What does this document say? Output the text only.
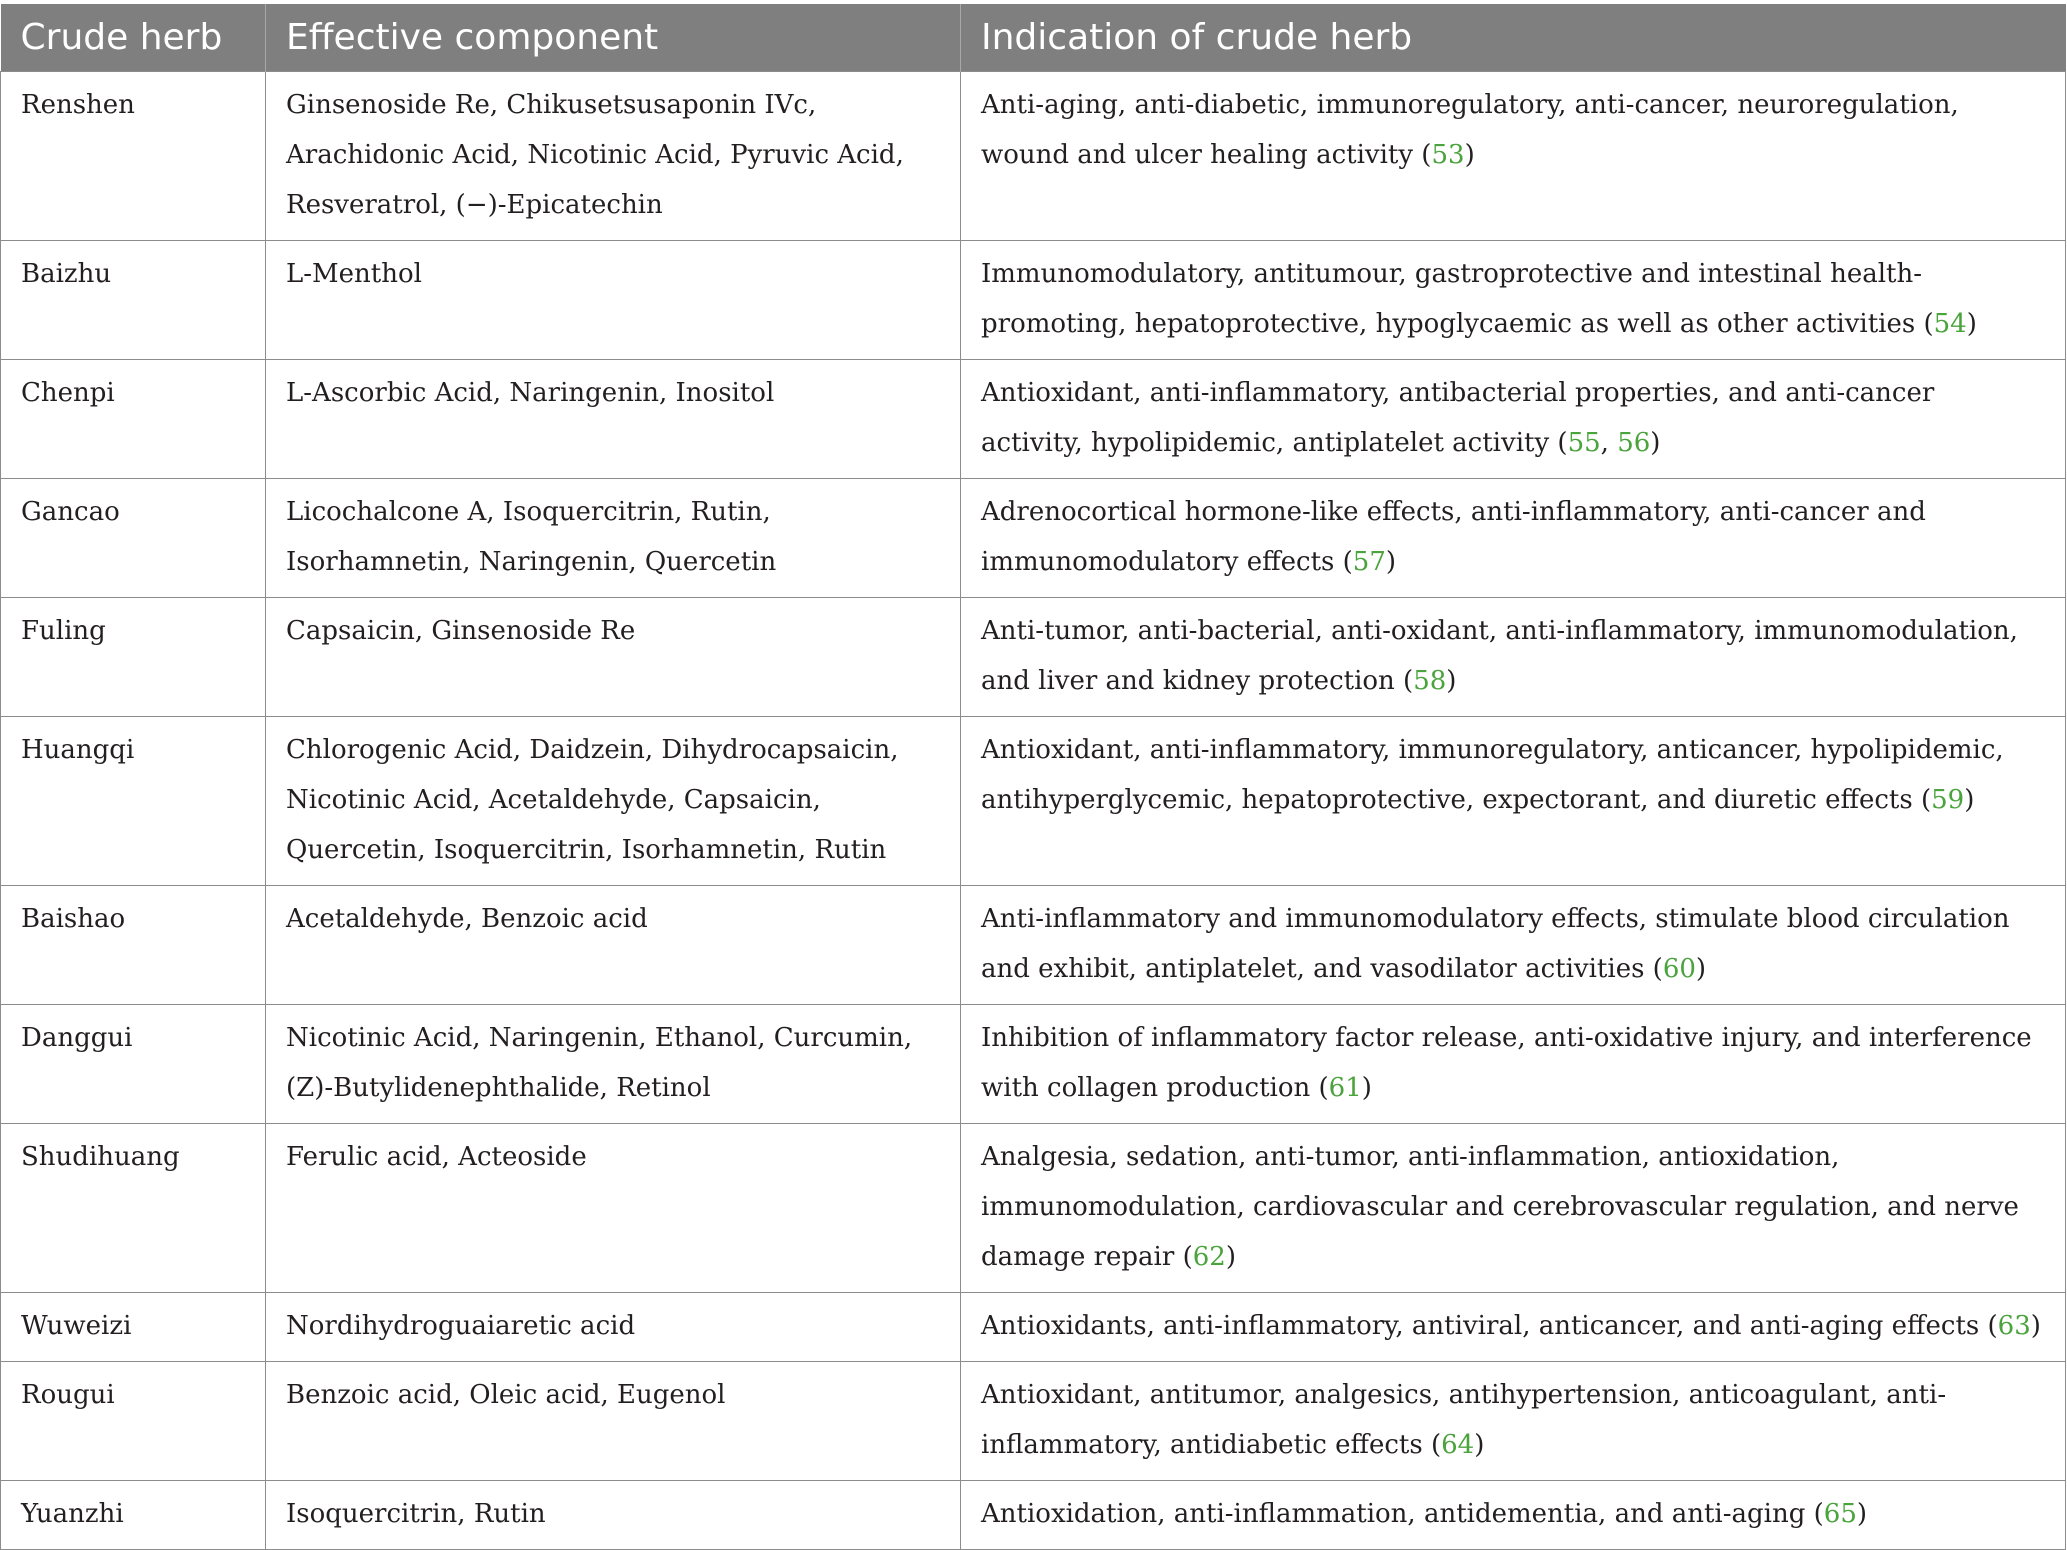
Crude herb	Effective component	Indication of crude herb
Renshen	Ginsenoside Re, Chikusetsusaponin IVc, Arachidonic Acid, Nicotinic Acid, Pyruvic Acid, Resveratrol, (−)-Epicatechin	Anti-aging, anti-diabetic, immunoregulatory, anti-cancer, neuroregulation, wound and ulcer healing activity (53)
Baizhu	L-Menthol	Immunomodulatory, antitumour, gastroprotective and intestinal health-promoting, hepatoprotective, hypoglycaemic as well as other activities (54)
Chenpi	L-Ascorbic Acid, Naringenin, Inositol	Antioxidant, anti-inflammatory, antibacterial properties, and anti-cancer activity, hypolipidemic, antiplatelet activity (55, 56)
Gancao	Licochalcone A, Isoquercitrin, Rutin, Isorhamnetin, Naringenin, Quercetin	Adrenocortical hormone-like effects, anti-inflammatory, anti-cancer and immunomodulatory effects (57)
Fuling	Capsaicin, Ginsenoside Re	Anti-tumor, anti-bacterial, anti-oxidant, anti-inflammatory, immunomodulation, and liver and kidney protection (58)
Huangqi	Chlorogenic Acid, Daidzein, Dihydrocapsaicin, Nicotinic Acid, Acetaldehyde, Capsaicin, Quercetin, Isoquercitrin, Isorhamnetin, Rutin	Antioxidant, anti-inflammatory, immunoregulatory, anticancer, hypolipidemic, antihyperglycemic, hepatoprotective, expectorant, and diuretic effects (59)
Baishao	Acetaldehyde, Benzoic acid	Anti-inflammatory and immunomodulatory effects, stimulate blood circulation and exhibit, antiplatelet, and vasodilator activities (60)
Danggui	Nicotinic Acid, Naringenin, Ethanol, Curcumin, (Z)-Butylidenephthalide, Retinol	Inhibition of inflammatory factor release, anti-oxidative injury, and interference with collagen production (61)
Shudihuang	Ferulic acid, Acteoside	Analgesia, sedation, anti-tumor, anti-inflammation, antioxidation, immunomodulation, cardiovascular and cerebrovascular regulation, and nerve damage repair (62)
Wuweizi	Nordihydroguaiaretic acid	Antioxidants, anti-inflammatory, antiviral, anticancer, and anti-aging effects (63)
Rougui	Benzoic acid, Oleic acid, Eugenol	Antioxidant, antitumor, analgesics, antihypertension, anticoagulant, anti-inflammatory, antidiabetic effects (64)
Yuanzhi	Isoquercitrin, Rutin	Antioxidation, anti-inflammation, antidementia, and anti-aging (65)
